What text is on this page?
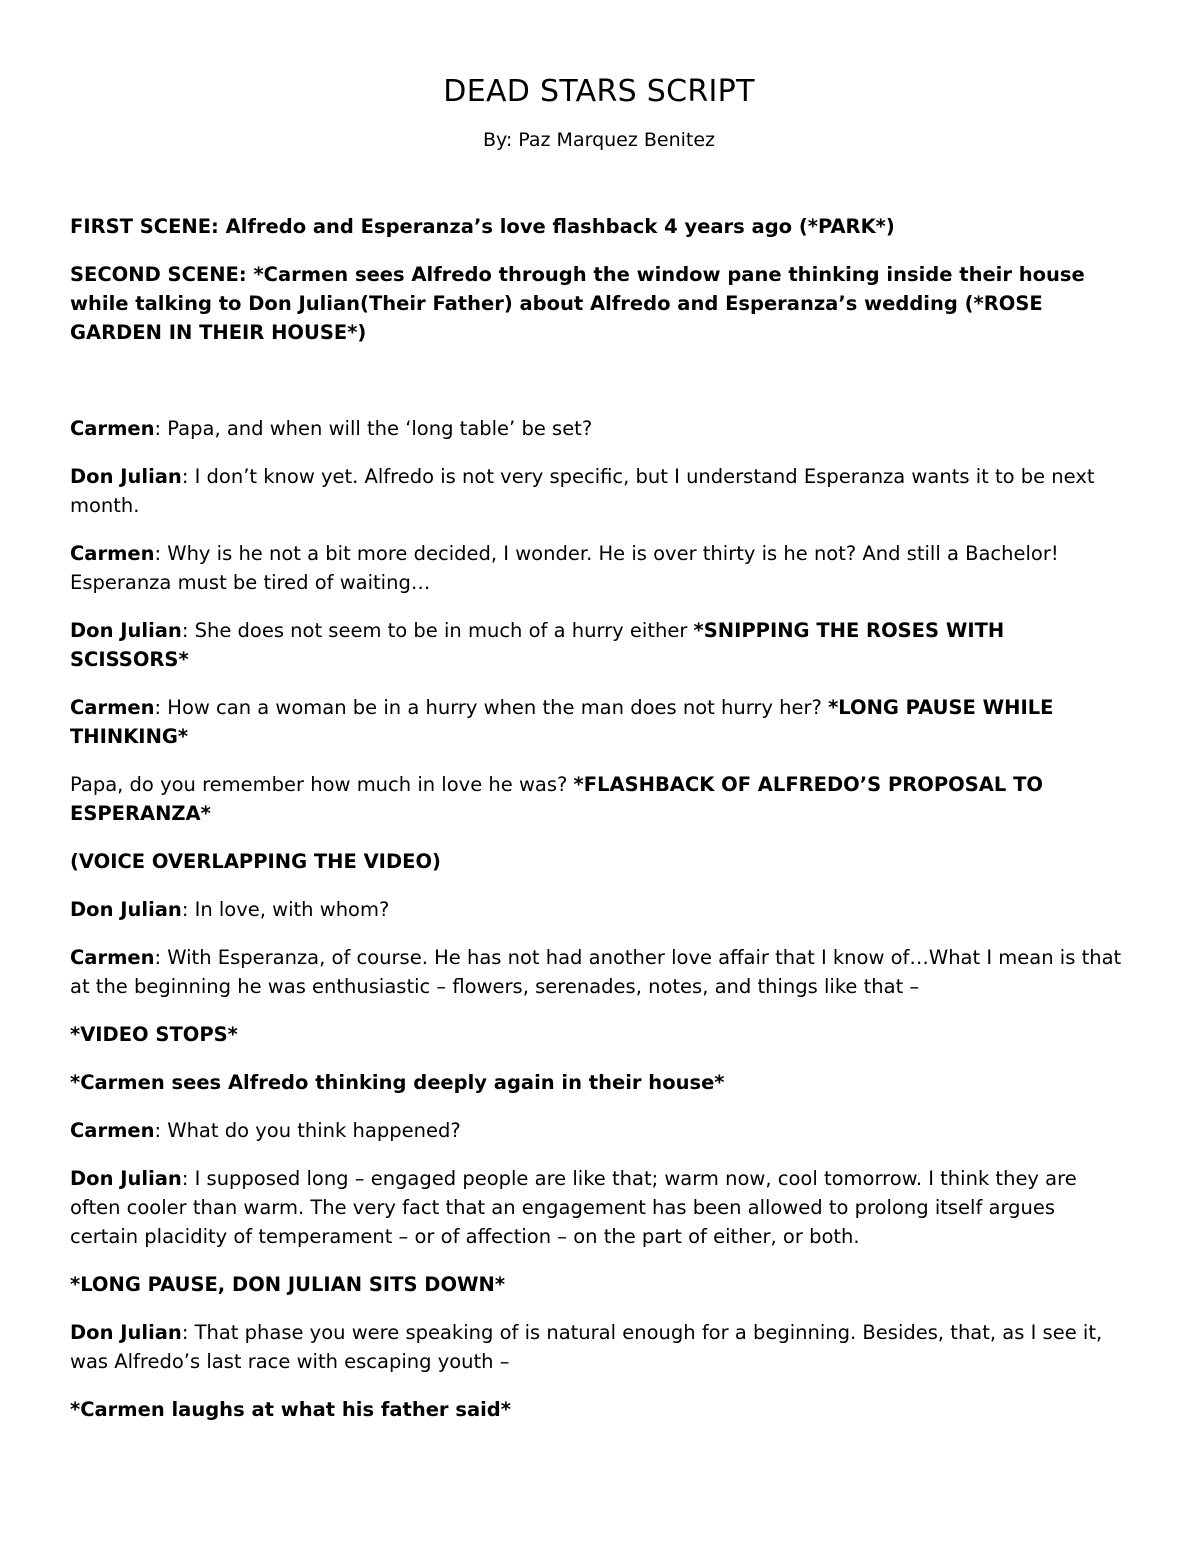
DEAD STARS SCRIPT

By: Paz Marquez Benitez

FIRST SCENE: Alfredo and Esperanza’s love flashback 4 years ago (*PARK*)

SECOND SCENE: *Carmen sees Alfredo through the window pane thinking inside their house while talking to Don Julian(Their Father) about Alfredo and Esperanza’s wedding (*ROSE GARDEN IN THEIR HOUSE*)

Carmen: Papa, and when will the ‘long table’ be set?

Don Julian: I don’t know yet. Alfredo is not very specific, but I understand Esperanza wants it to be next month.

Carmen: Why is he not a bit more decided, I wonder. He is over thirty is he not? And still a Bachelor! Esperanza must be tired of waiting…

Don Julian: She does not seem to be in much of a hurry either *SNIPPING THE ROSES WITH SCISSORS*

Carmen: How can a woman be in a hurry when the man does not hurry her? *LONG PAUSE WHILE THINKING*

Papa, do you remember how much in love he was? *FLASHBACK OF ALFREDO’S PROPOSAL TO ESPERANZA*

(VOICE OVERLAPPING THE VIDEO)

Don Julian: In love, with whom?

Carmen: With Esperanza, of course. He has not had another love affair that I know of…What I mean is that at the beginning he was enthusiastic – flowers, serenades, notes, and things like that –

*VIDEO STOPS*

*Carmen sees Alfredo thinking deeply again in their house*

Carmen: What do you think happened?

Don Julian: I supposed long – engaged people are like that; warm now, cool tomorrow. I think they are often cooler than warm. The very fact that an engagement has been allowed to prolong itself argues certain placidity of temperament – or of affection – on the part of either, or both.

*LONG PAUSE, DON JULIAN SITS DOWN*

Don Julian: That phase you were speaking of is natural enough for a beginning. Besides, that, as I see it, was Alfredo’s last race with escaping youth –

*Carmen laughs at what his father said*
